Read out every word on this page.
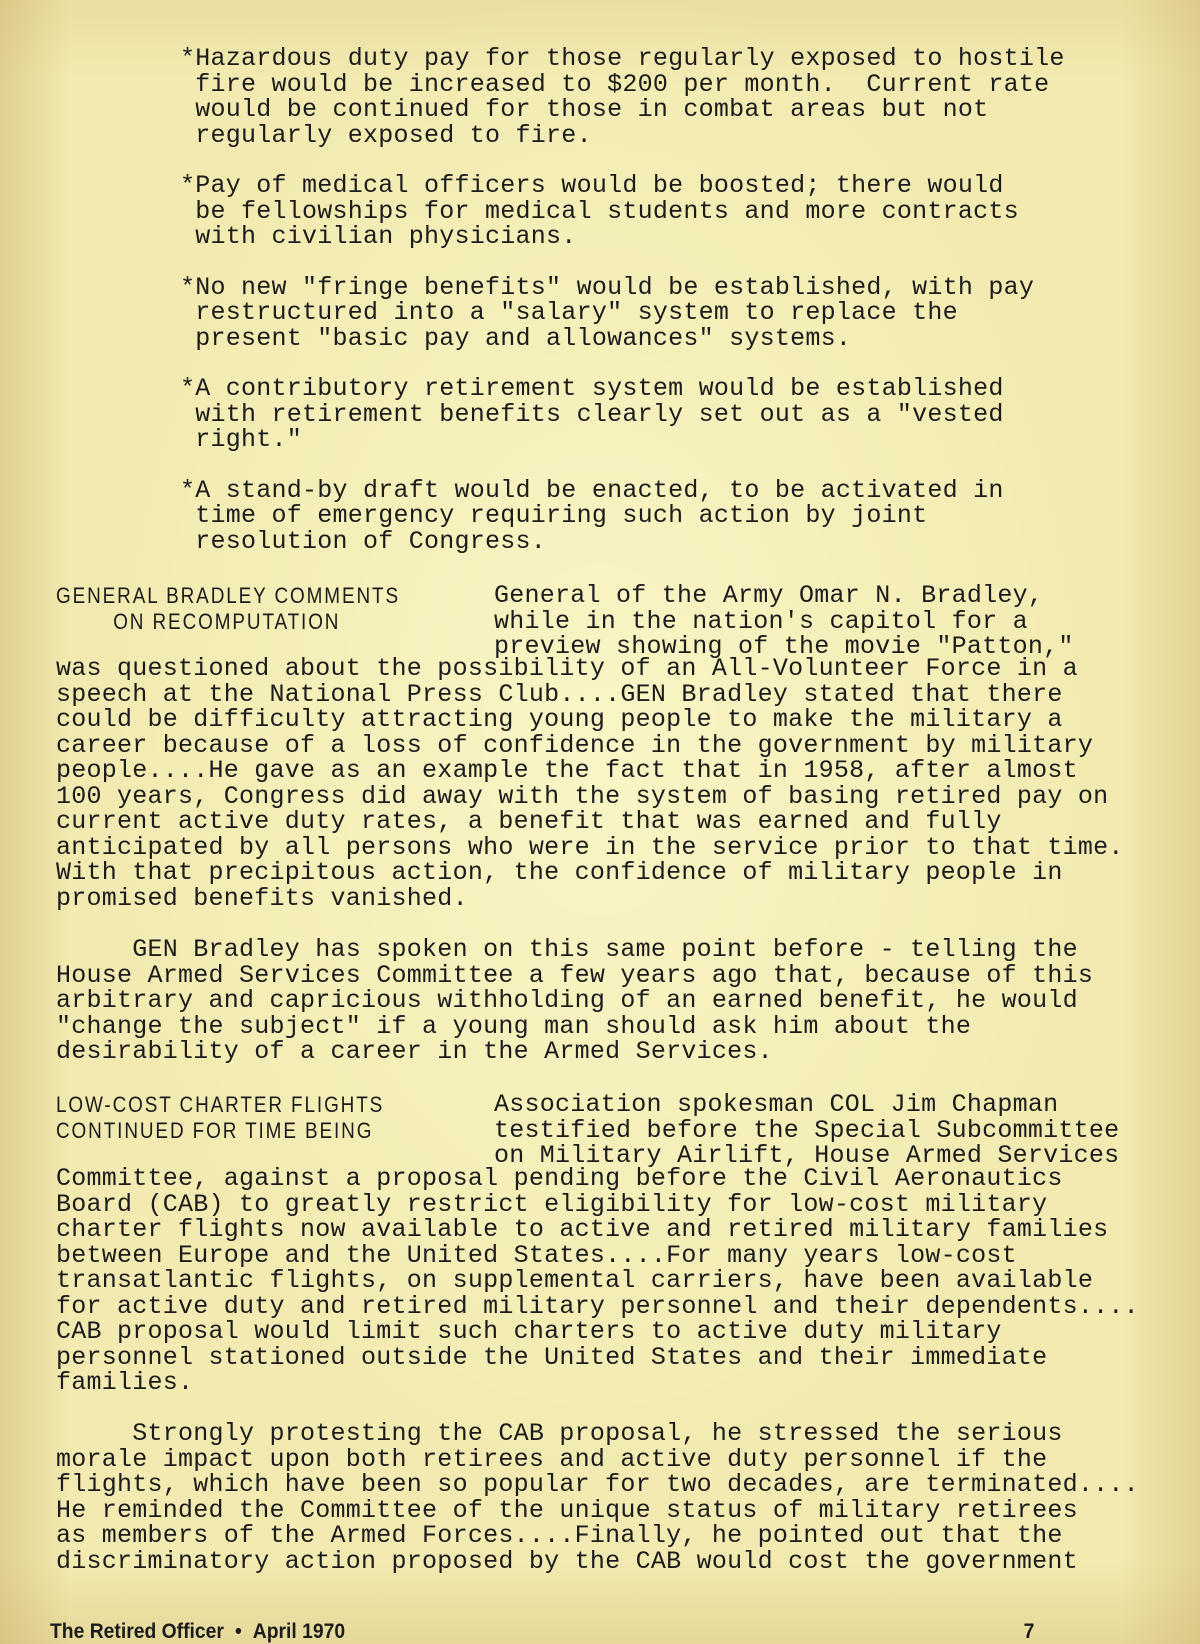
*Hazardous duty pay for those regularly exposed to hostile
fire would be increased to $200 per month.  Current rate
would be continued for those in combat areas but not
regularly exposed to fire.
*Pay of medical officers would be boosted; there would
be fellowships for medical students and more contracts
with civilian physicians.
*No new "fringe benefits" would be established, with pay
restructured into a "salary" system to replace the
present "basic pay and allowances" systems.
*A contributory retirement system would be established
with retirement benefits clearly set out as a "vested
right."
*A stand-by draft would be enacted, to be activated in
time of emergency requiring such action by joint
resolution of Congress.
GENERAL BRADLEY COMMENTS
ON RECOMPUTATION
General of the Army Omar N. Bradley,
while in the nation's capitol for a
preview showing of the movie "Patton,"
was questioned about the possibility of an All-Volunteer Force in a
speech at the National Press Club....GEN Bradley stated that there
could be difficulty attracting young people to make the military a
career because of a loss of confidence in the government by military
people....He gave as an example the fact that in 1958, after almost
100 years, Congress did away with the system of basing retired pay on
current active duty rates, a benefit that was earned and fully
anticipated by all persons who were in the service prior to that time.
With that precipitous action, the confidence of military people in
promised benefits vanished.
GEN Bradley has spoken on this same point before - telling the
House Armed Services Committee a few years ago that, because of this
arbitrary and capricious withholding of an earned benefit, he would
"change the subject" if a young man should ask him about the
desirability of a career in the Armed Services.
LOW-COST CHARTER FLIGHTS
CONTINUED FOR TIME BEING
Association spokesman COL Jim Chapman
testified before the Special Subcommittee
on Military Airlift, House Armed Services
Committee, against a proposal pending before the Civil Aeronautics
Board (CAB) to greatly restrict eligibility for low-cost military
charter flights now available to active and retired military families
between Europe and the United States....For many years low-cost
transatlantic flights, on supplemental carriers, have been available
for active duty and retired military personnel and their dependents....
CAB proposal would limit such charters to active duty military
personnel stationed outside the United States and their immediate
families.
Strongly protesting the CAB proposal, he stressed the serious
morale impact upon both retirees and active duty personnel if the
flights, which have been so popular for two decades, are terminated....
He reminded the Committee of the unique status of military retirees
as members of the Armed Forces....Finally, he pointed out that the
discriminatory action proposed by the CAB would cost the government
The Retired Officer • April 1970	7
